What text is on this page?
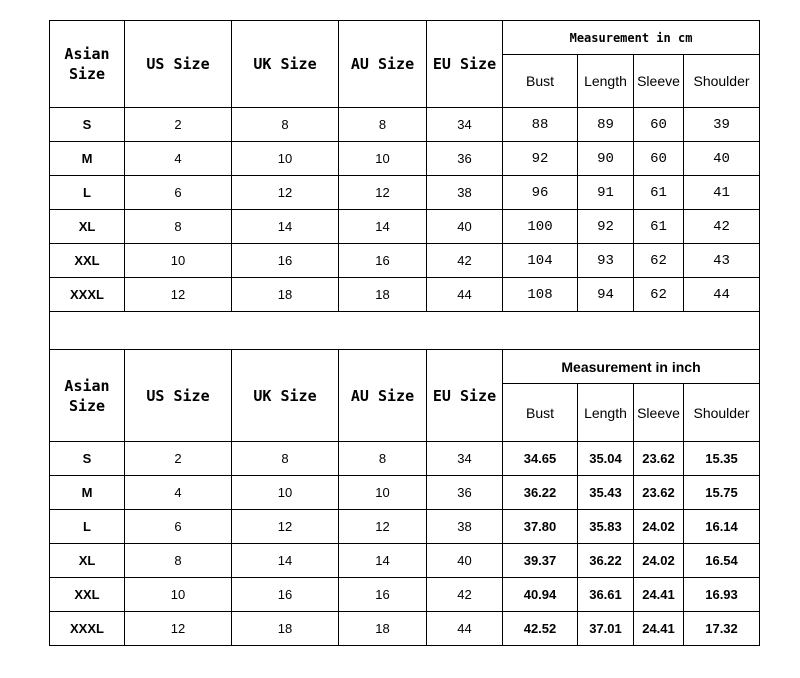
Asian
Size	US Size	UK Size	AU Size	EU Size	Measurement in cm			
					Bust	Length	Sleeve	Shoulder
S	2	8	8	34	88	89	60	39
M	4	10	10	36	92	90	60	40
L	6	12	12	38	96	91	61	41
XL	8	14	14	40	100	92	61	42
XXL	10	16	16	42	104	93	62	43
XXXL	12	18	18	44	108	94	62	44

Asian
Size	US Size	UK Size	AU Size	EU Size	Measurement in inch			
					Bust	Length	Sleeve	Shoulder
S	2	8	8	34	34.65	35.04	23.62	15.35
M	4	10	10	36	36.22	35.43	23.62	15.75
L	6	12	12	38	37.80	35.83	24.02	16.14
XL	8	14	14	40	39.37	36.22	24.02	16.54
XXL	10	16	16	42	40.94	36.61	24.41	16.93
XXXL	12	18	18	44	42.52	37.01	24.41	17.32
